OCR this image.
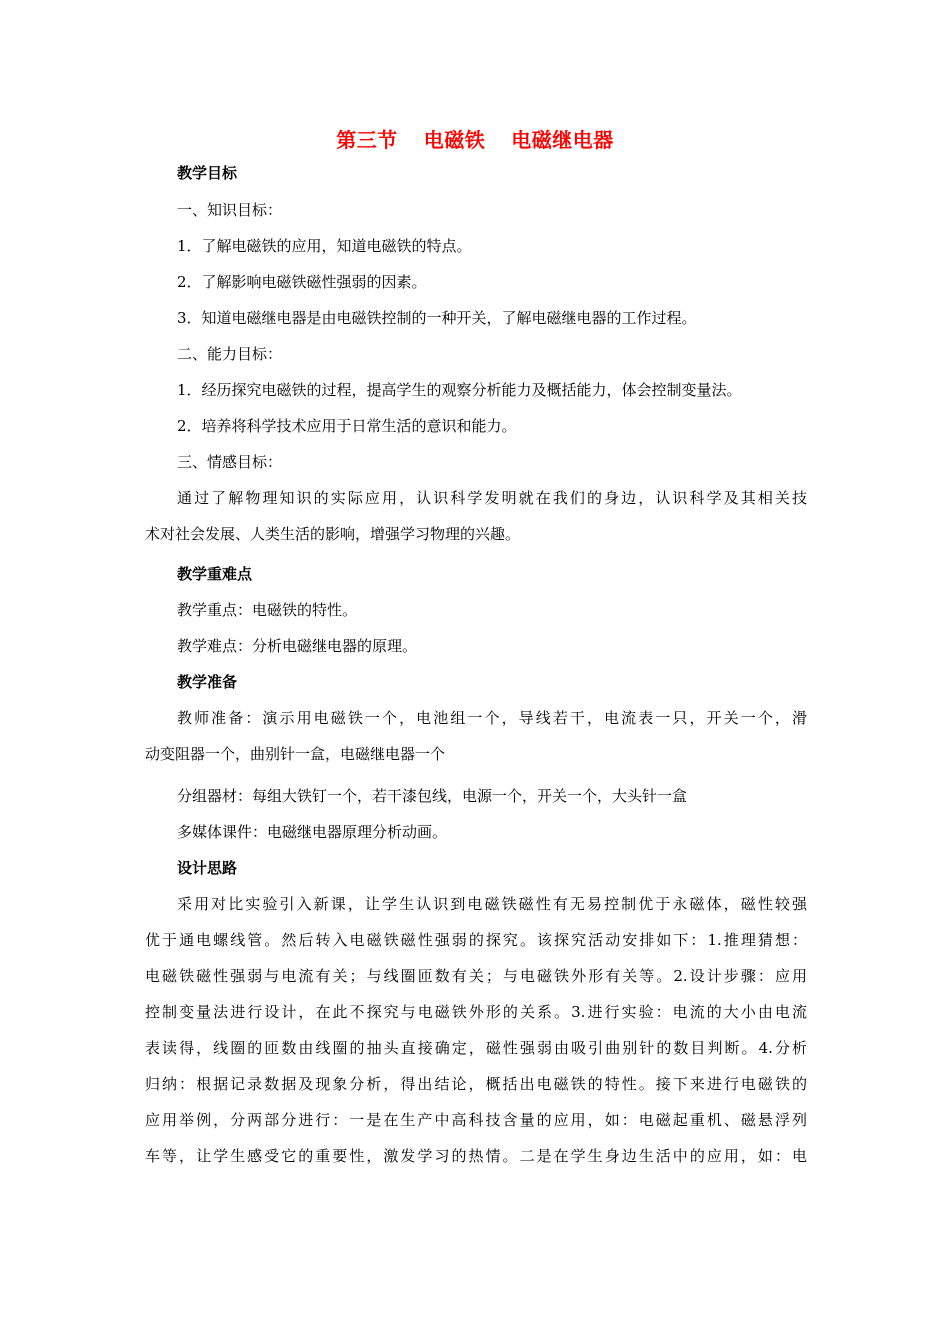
第三节 电磁铁 电磁继电器
教学目标
一、知识目标：
1．了解电磁铁的应用，知道电磁铁的特点。
2．了解影响电磁铁磁性强弱的因素。
3．知道电磁继电器是由电磁铁控制的一种开关，了解电磁继电器的工作过程。
二、能力目标：
1．经历探究电磁铁的过程，提高学生的观察分析能力及概括能力，体会控制变量法。
2．培养将科学技术应用于日常生活的意识和能力。
三、情感目标：
通过了解物理知识的实际应用，认识科学发明就在我们的身边，认识科学及其相关技
术对社会发展、人类生活的影响，增强学习物理的兴趣。
教学重难点
教学重点：电磁铁的特性。
教学难点：分析电磁继电器的原理。
教学准备
教师准备：演示用电磁铁一个，电池组一个，导线若干，电流表一只，开关一个，滑
动变阻器一个，曲别针一盒，电磁继电器一个
分组器材：每组大铁钉一个，若干漆包线，电源一个，开关一个，大头针一盒
多媒体课件：电磁继电器原理分析动画。
设计思路
采用对比实验引入新课，让学生认识到电磁铁磁性有无易控制优于永磁体，磁性较强
优于通电螺线管。然后转入电磁铁磁性强弱的探究。该探究活动安排如下：1.推理猜想：
电磁铁磁性强弱与电流有关；与线圈匝数有关；与电磁铁外形有关等。2.设计步骤：应用
控制变量法进行设计，在此不探究与电磁铁外形的关系。3.进行实验：电流的大小由电流
表读得，线圈的匝数由线圈的抽头直接确定，磁性强弱由吸引曲别针的数目判断。4.分析
归纳：根据记录数据及现象分析，得出结论，概括出电磁铁的特性。接下来进行电磁铁的
应用举例，分两部分进行：一是在生产中高科技含量的应用，如：电磁起重机、磁悬浮列
车等，让学生感受它的重要性，激发学习的热情。二是在学生身边生活中的应用，如：电
